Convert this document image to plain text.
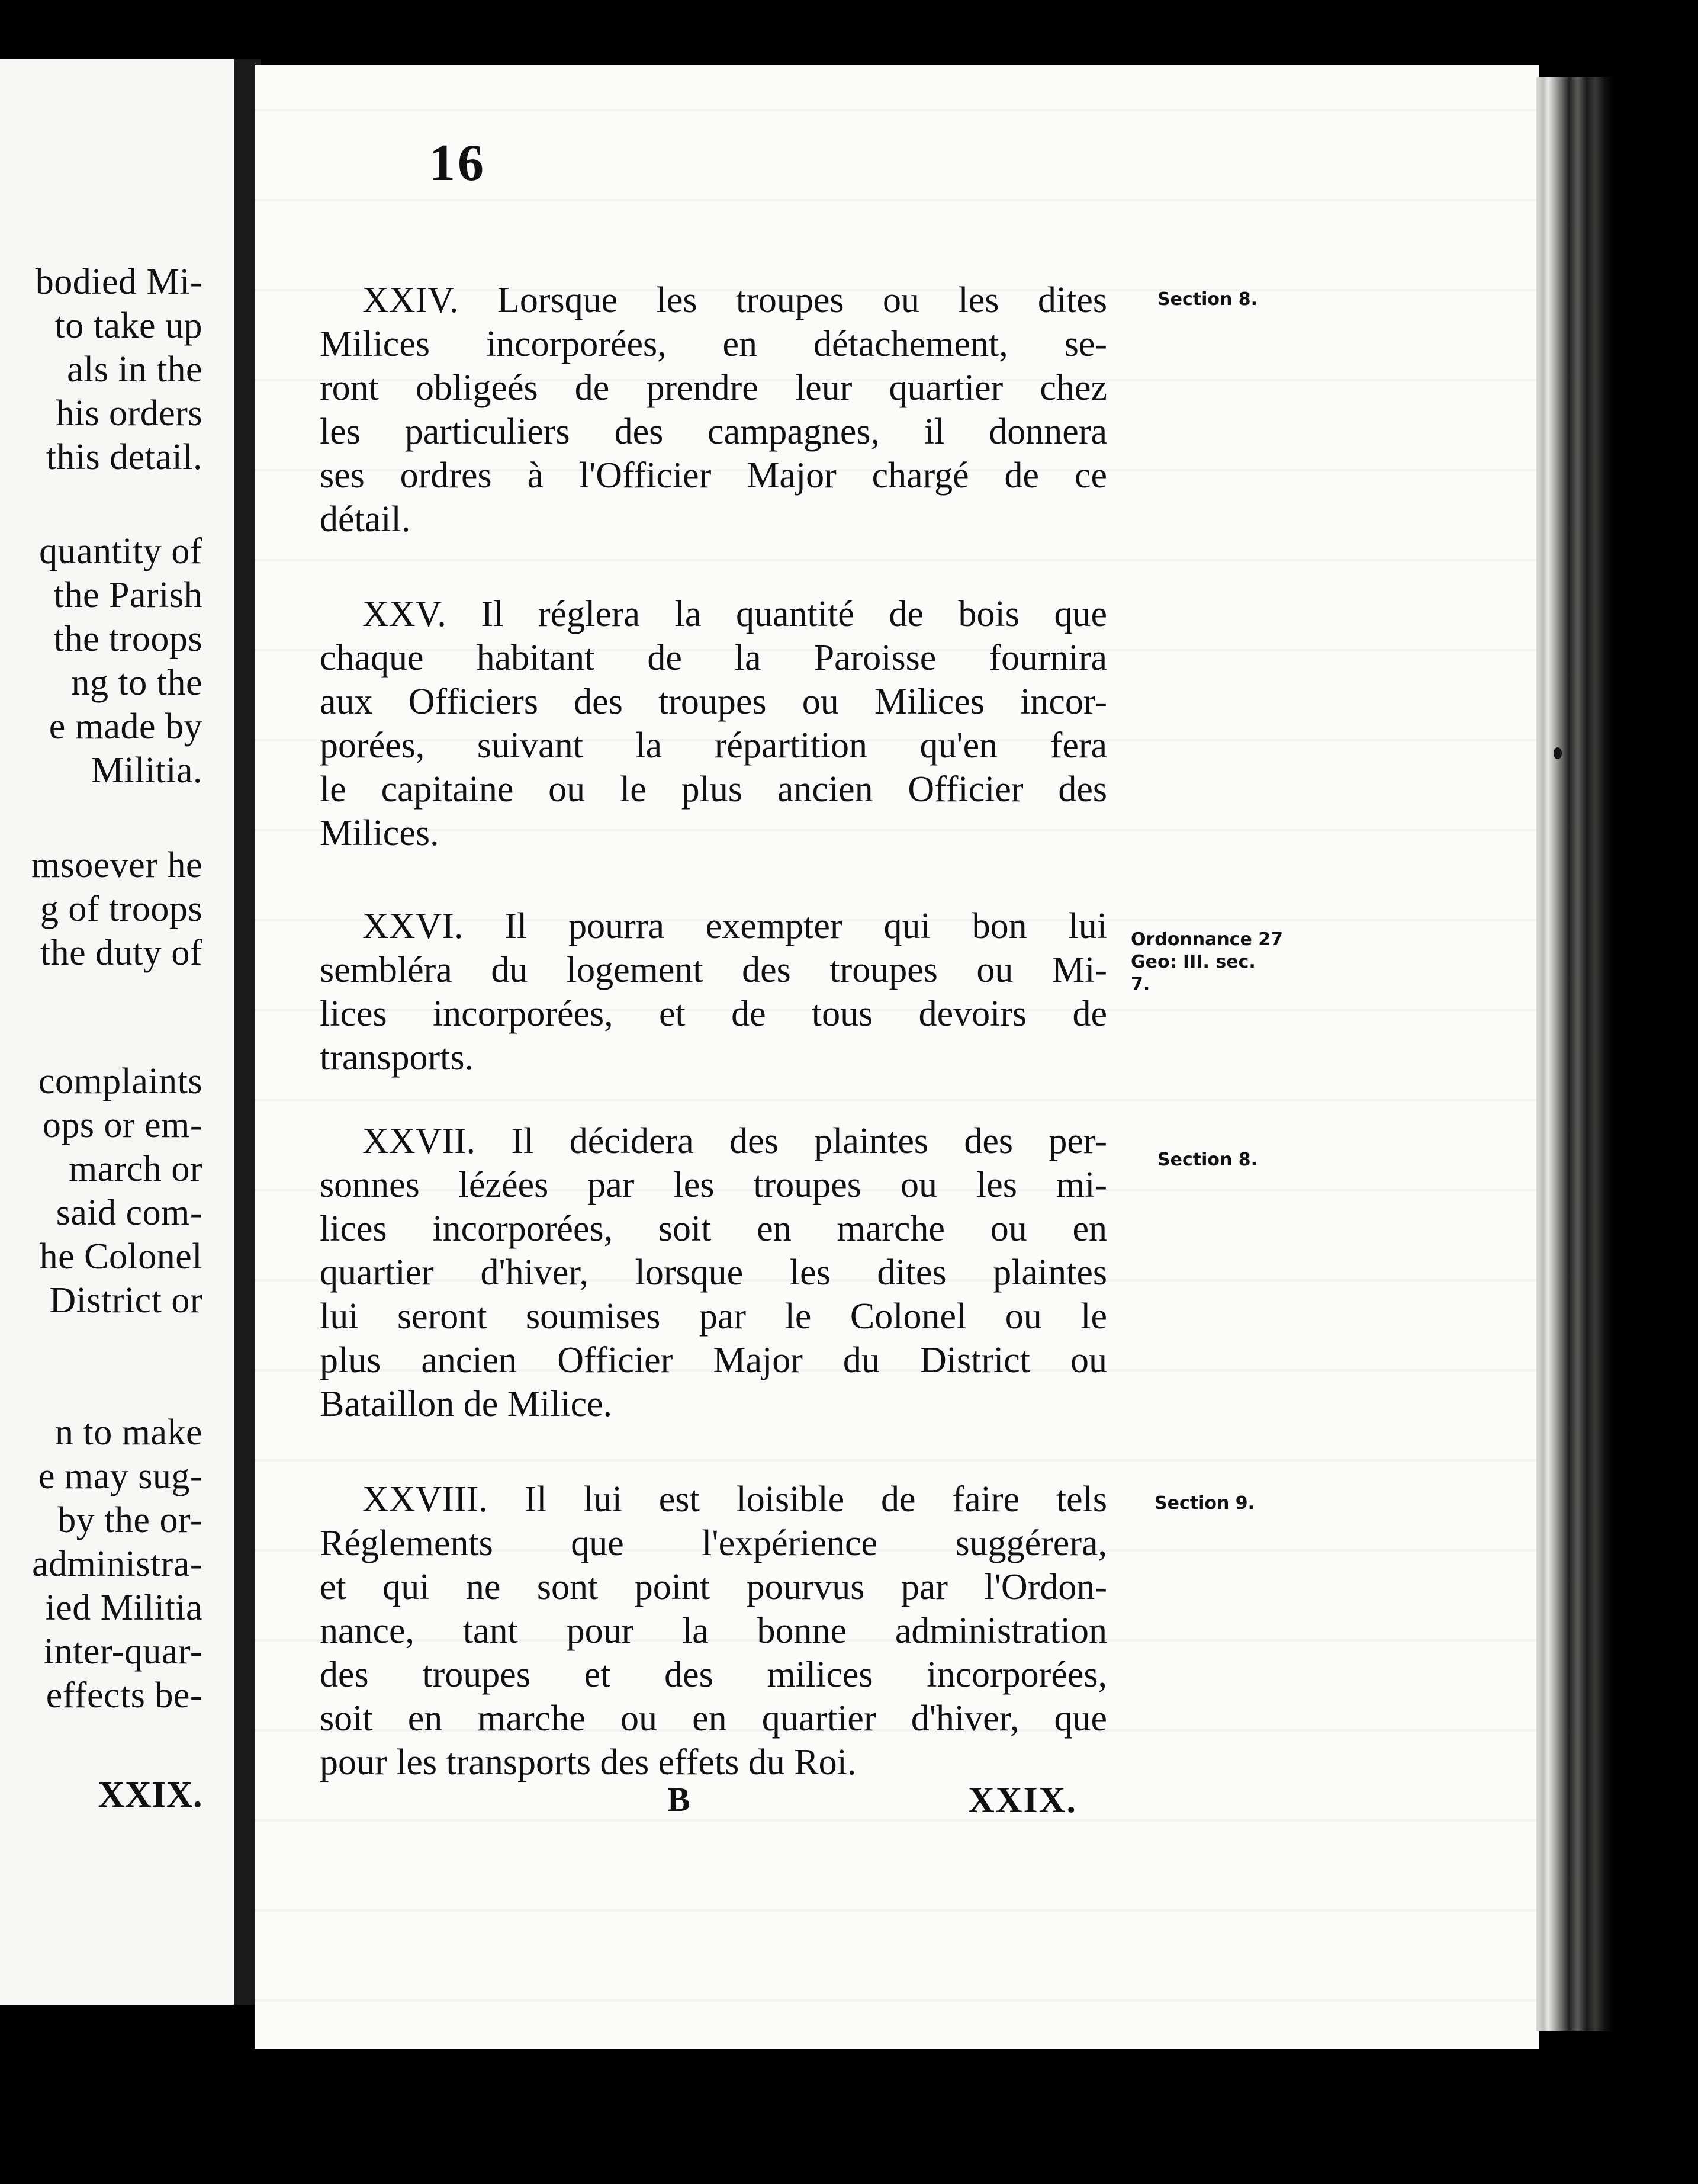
bodied Mi-
to take up
als in the
his orders
this detail.
quantity of
the Parish
the troops
ng to the
e made by
Militia.
msoever he
g of troops
the duty of
complaints
ops or em-
march or
said com-
he Colonel
District or
n to make
e may sug-
by the or-
administra-
ied Militia
inter-quar-
effects be-
XXIX.
16
XXIV. Lorsque les troupes ou les dites
Milices incorporées, en détachement, se-
ront obligeés de prendre leur quartier chez
les particuliers des campagnes, il donnera
ses ordres à l'Officier Major chargé de ce
détail.
XXV. Il réglera la quantité de bois que
chaque habitant de la Paroisse fournira
aux Officiers des troupes ou Milices incor-
porées, suivant la répartition qu'en fera
le capitaine ou le plus ancien Officier des
Milices.
XXVI. Il pourra exempter qui bon lui
sembléra du logement des troupes ou Mi-
lices incorporées, et de tous devoirs de
transports.
XXVII. Il décidera des plaintes des per-
sonnes lézées par les troupes ou les mi-
lices incorporées, soit en marche ou en
quartier d'hiver, lorsque les dites plaintes
lui seront soumises par le Colonel ou le
plus ancien Officier Major du District ou
Bataillon de Milice.
XXVIII. Il lui est loisible de faire tels
Réglements que l'expérience suggérera,
et qui ne sont point pourvus par l'Ordon-
nance, tant pour la bonne administration
des troupes et des milices incorporées,
soit en marche ou en quartier d'hiver, que
pour les transports des effets du Roi.
Section 8.
Ordonnance 27
Geo: III. sec.
7.
Section 8.
Section 9.
B	XXIX.
